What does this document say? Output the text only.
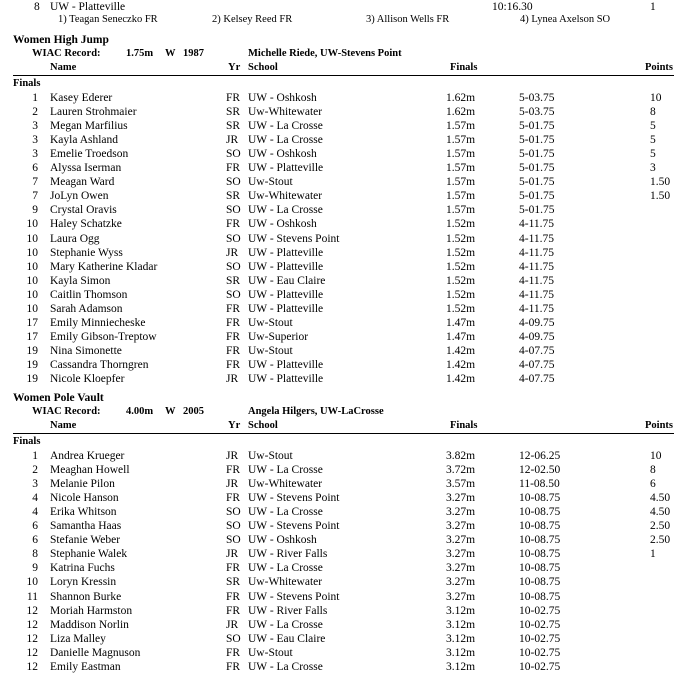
8 UW - Platteville	10:16.30	1
1) Teagan Seneczko FR	2) Kelsey Reed FR	3) Allison Wells FR	4) Lynea Axelson SO
Women High Jump
WIAC Record: 1.75m W 1987	Michelle Riede, UW-Stevens Point
Name	Yr School	Finals	Points
Finals
1 Kasey Ederer	FR UW - Oshkosh	1.62m	5-03.75	10
2 Lauren Strohmaier	SR Uw-Whitewater	1.62m	5-03.75	8
3 Megan Marfilius	SR UW - La Crosse	1.57m	5-01.75	5
3 Kayla Ashland	JR UW - La Crosse	1.57m	5-01.75	5
3 Emelie Troedson	SO UW - Oshkosh	1.57m	5-01.75	5
6 Alyssa Iserman	FR UW - Platteville	1.57m	5-01.75	3
7 Meagan Ward	SO Uw-Stout	1.57m	5-01.75	1.50
7 JoLyn Owen	SR Uw-Whitewater	1.57m	5-01.75	1.50
9 Crystal Oravis	SO UW - La Crosse	1.57m	5-01.75
10 Haley Schatzke	FR UW - Oshkosh	1.52m	4-11.75
10 Laura Ogg	SO UW - Stevens Point	1.52m	4-11.75
10 Stephanie Wyss	JR UW - Platteville	1.52m	4-11.75
10 Mary Katherine Kladar	SO UW - Platteville	1.52m	4-11.75
10 Kayla Simon	SR UW - Eau Claire	1.52m	4-11.75
10 Caitlin Thomson	SO UW - Platteville	1.52m	4-11.75
10 Sarah Adamson	FR UW - Platteville	1.52m	4-11.75
17 Emily Minniecheske	FR Uw-Stout	1.47m	4-09.75
17 Emily Gibson-Treptow	FR Uw-Superior	1.47m	4-09.75
19 Nina Simonette	FR Uw-Stout	1.42m	4-07.75
19 Cassandra Thorngren	FR UW - Platteville	1.42m	4-07.75
19 Nicole Kloepfer	JR UW - Platteville	1.42m	4-07.75
Women Pole Vault
WIAC Record: 4.00m W 2005	Angela Hilgers, UW-LaCrosse
Name	Yr School	Finals	Points
Finals
1 Andrea Krueger	JR Uw-Stout	3.82m	12-06.25	10
2 Meaghan Howell	FR UW - La Crosse	3.72m	12-02.50	8
3 Melanie Pilon	JR Uw-Whitewater	3.57m	11-08.50	6
4 Nicole Hanson	FR UW - Stevens Point	3.27m	10-08.75	4.50
4 Erika Whitson	SO UW - La Crosse	3.27m	10-08.75	4.50
6 Samantha Haas	SO UW - Stevens Point	3.27m	10-08.75	2.50
6 Stefanie Weber	SO UW - Oshkosh	3.27m	10-08.75	2.50
8 Stephanie Walek	JR UW - River Falls	3.27m	10-08.75	1
9 Katrina Fuchs	FR UW - La Crosse	3.27m	10-08.75
10 Loryn Kressin	SR Uw-Whitewater	3.27m	10-08.75
11 Shannon Burke	FR UW - Stevens Point	3.27m	10-08.75
12 Moriah Harmston	FR UW - River Falls	3.12m	10-02.75
12 Maddison Norlin	JR UW - La Crosse	3.12m	10-02.75
12 Liza Malley	SO UW - Eau Claire	3.12m	10-02.75
12 Danielle Magnuson	FR Uw-Stout	3.12m	10-02.75
12 Emily Eastman	FR UW - La Crosse	3.12m	10-02.75
